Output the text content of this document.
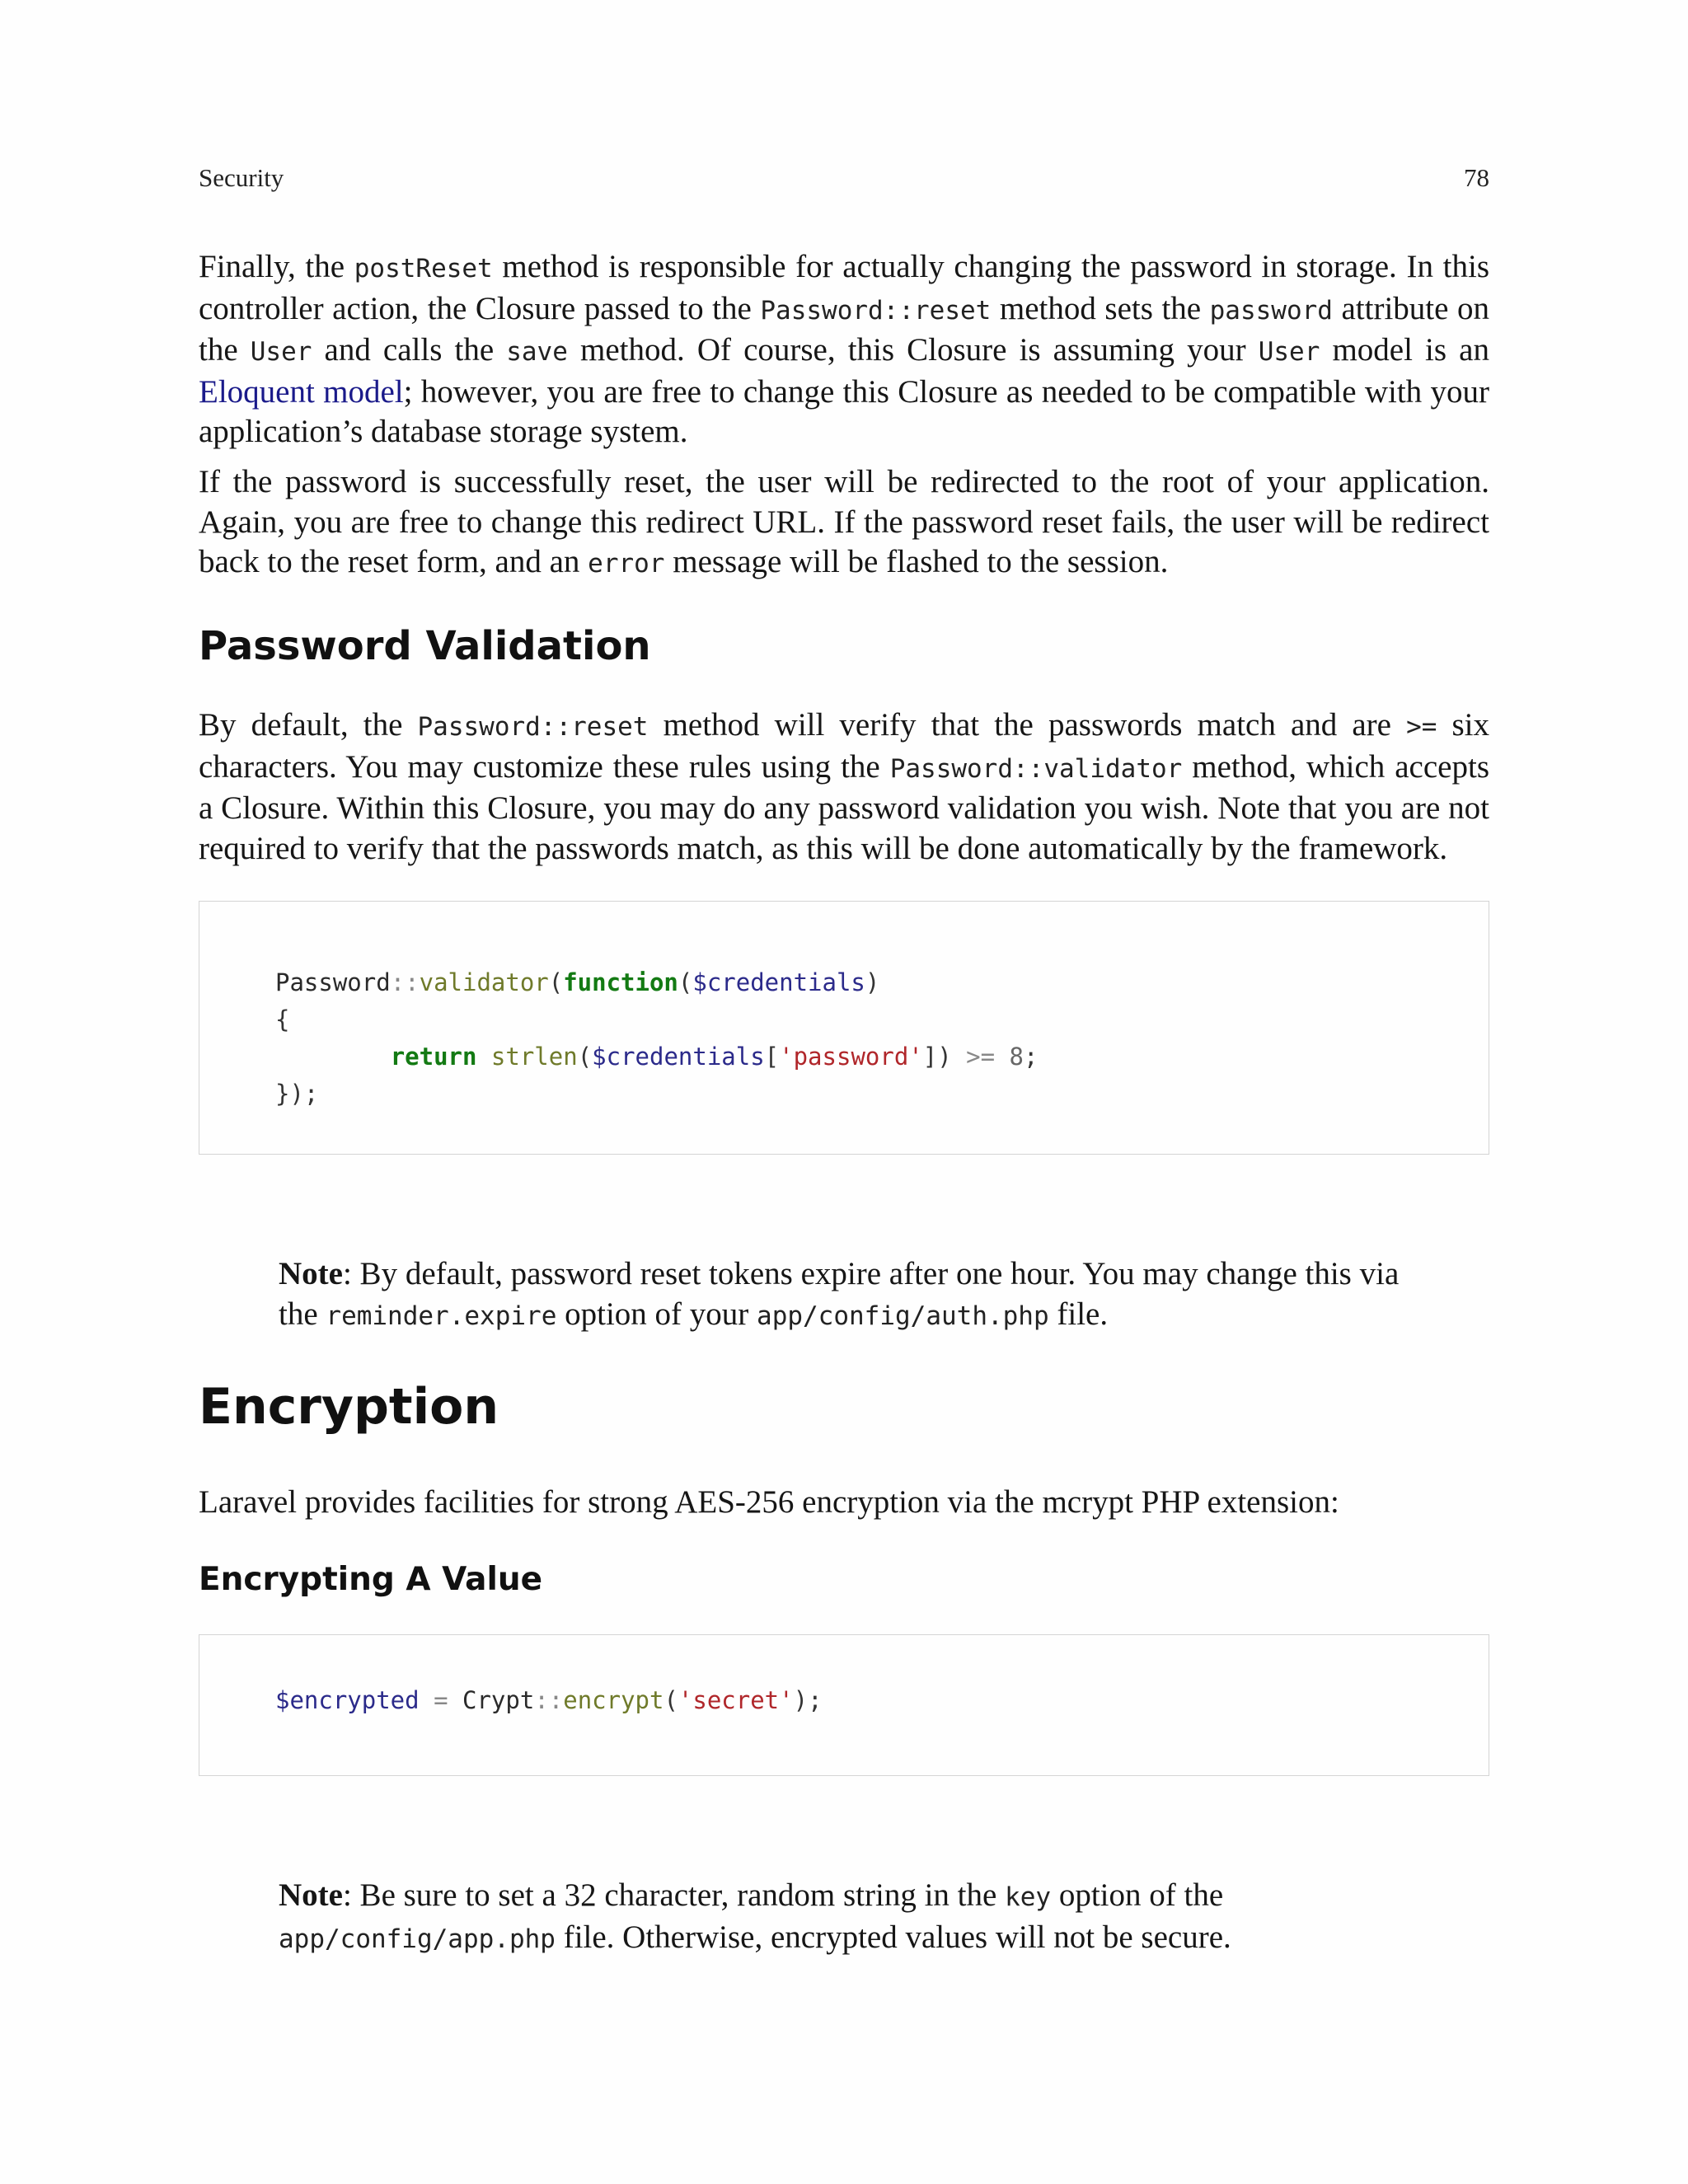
Security	78

Finally, the postReset method is responsible for actually changing the password in storage. In this controller action, the Closure passed to the Password::reset method sets the password attribute on the User and calls the save method. Of course, this Closure is assuming your User model is an Eloquent model; however, you are free to change this Closure as needed to be compatible with your application’s database storage system.

If the password is successfully reset, the user will be redirected to the root of your application. Again, you are free to change this redirect URL. If the password reset fails, the user will be redirect back to the reset form, and an error message will be flashed to the session.

Password Validation

By default, the Password::reset method will verify that the passwords match and are >= six characters. You may customize these rules using the Password::validator method, which accepts a Closure. Within this Closure, you may do any password validation you wish. Note that you are not required to verify that the passwords match, as this will be done automatically by the framework.

Password::validator(function($credentials)
{
return strlen($credentials['password']) >= 8;
});
Note: By default, password reset tokens expire after one hour. You may change this via the reminder.expire option of your app/config/auth.php file.
Encryption

Laravel provides facilities for strong AES-256 encryption via the mcrypt PHP extension:

Encrypting A Value
$encrypted = Crypt::encrypt('secret');
Note: Be sure to set a 32 character, random string in the key option of the app/config/app.php file. Otherwise, encrypted values will not be secure.
